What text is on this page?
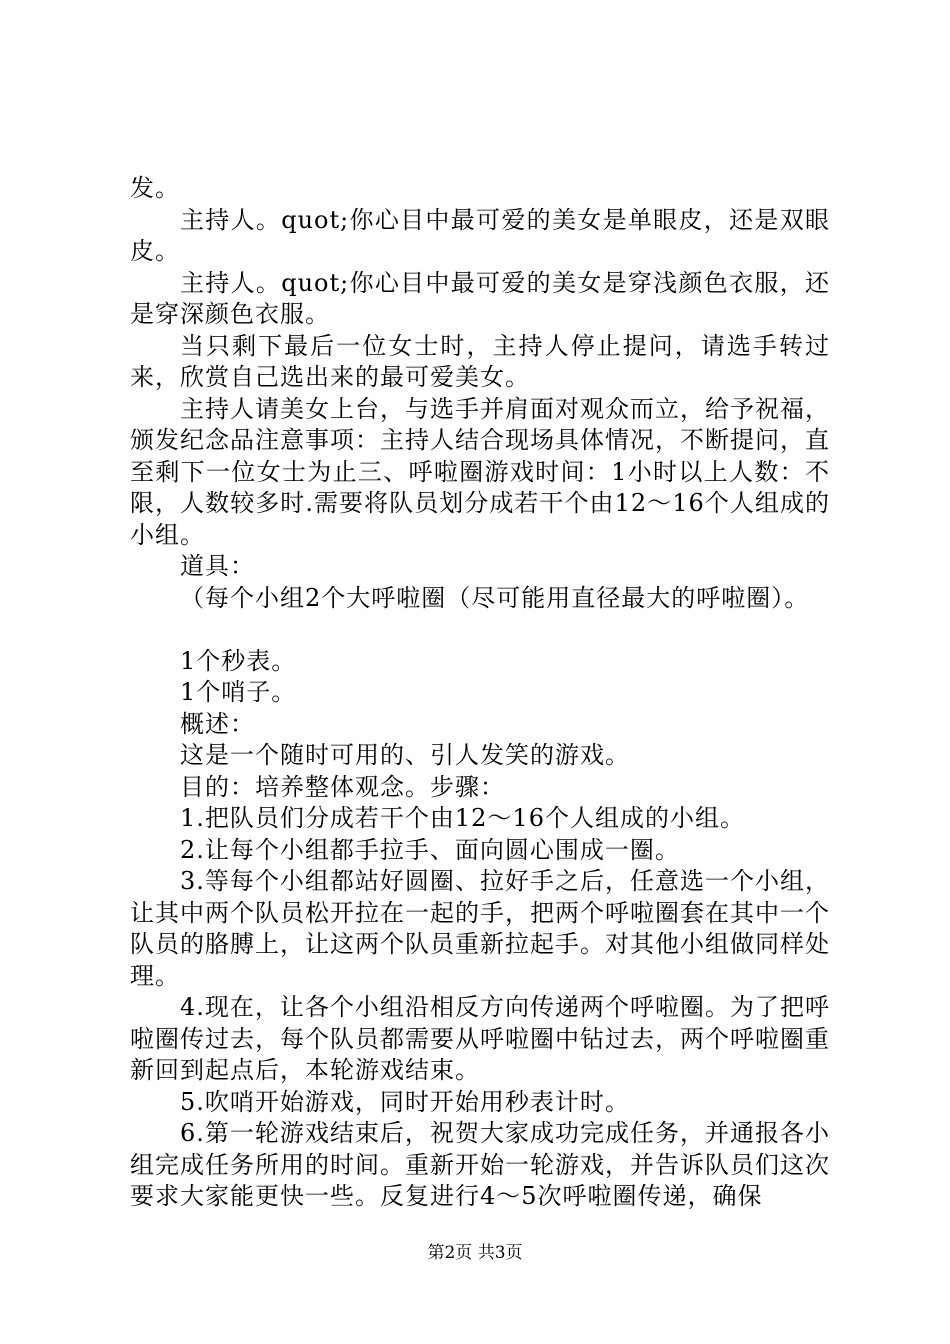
发。

主持人。quot;你心目中最可爱的美女是单眼皮，还是双眼皮。

主持人。quot;你心目中最可爱的美女是穿浅颜色衣服，还是穿深颜色衣服。

当只剩下最后一位女士时，主持人停止提问，请选手转过来，欣赏自己选出来的最可爱美女。

主持人请美女上台，与选手并肩面对观众而立，给予祝福，颁发纪念品注意事项：主持人结合现场具体情况，不断提问，直至剩下一位女士为止三、呼啦圈游戏时间：1小时以上人数：不限，人数较多时.需要将队员划分成若干个由12～16个人组成的小组。

道具：

（每个小组2个大呼啦圈（尽可能用直径最大的呼啦圈）。

1个秒表。

1个哨子。

概述：

这是一个随时可用的、引人发笑的游戏。

目的：培养整体观念。步骤：

1.把队员们分成若干个由12～16个人组成的小组。

2.让每个小组都手拉手、面向圆心围成一圈。

3.等每个小组都站好圆圈、拉好手之后，任意选一个小组，让其中两个队员松开拉在一起的手，把两个呼啦圈套在其中一个队员的胳膊上，让这两个队员重新拉起手。对其他小组做同样处理。

4.现在，让各个小组沿相反方向传递两个呼啦圈。为了把呼啦圈传过去，每个队员都需要从呼啦圈中钻过去，两个呼啦圈重新回到起点后，本轮游戏结束。

5.吹哨开始游戏，同时开始用秒表计时。

6.第一轮游戏结束后，祝贺大家成功完成任务，并通报各小组完成任务所用的时间。重新开始一轮游戏，并告诉队员们这次要求大家能更快一些。反复进行4～5次呼啦圈传递，确保

第2页 共3页
